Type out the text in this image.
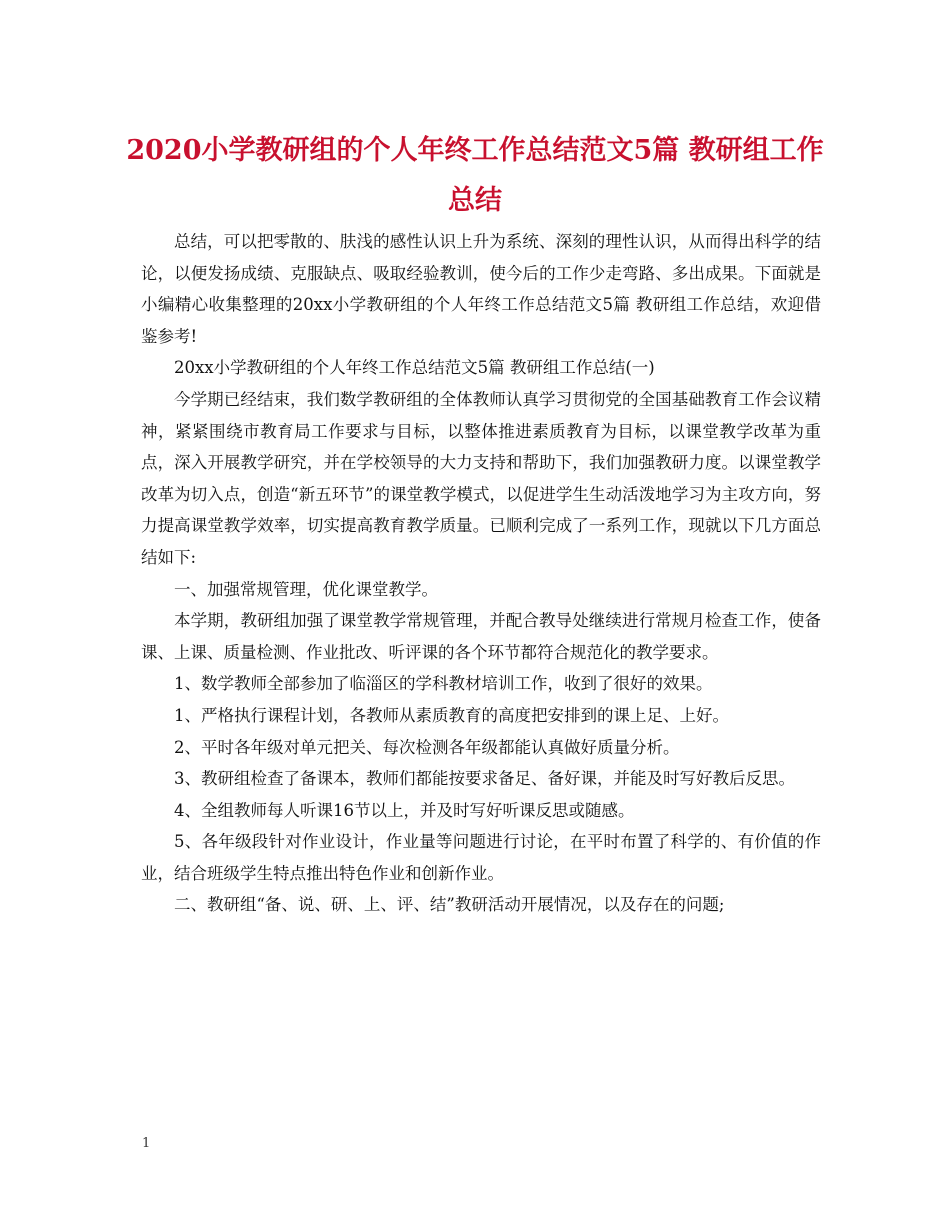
2020小学教研组的个人年终工作总结范文5篇 教研组工作总结

总结，可以把零散的、肤浅的感性认识上升为系统、深刻的理性认识，从而得出科学的结论，以便发扬成绩、克服缺点、吸取经验教训，使今后的工作少走弯路、多出成果。下面就是小编精心收集整理的20xx小学教研组的个人年终工作总结范文5篇 教研组工作总结，欢迎借鉴参考!

20xx小学教研组的个人年终工作总结范文5篇 教研组工作总结(一)

今学期已经结束，我们数学教研组的全体教师认真学习贯彻党的全国基础教育工作会议精神，紧紧围绕市教育局工作要求与目标，以整体推进素质教育为目标，以课堂教学改革为重点，深入开展教学研究，并在学校领导的大力支持和帮助下，我们加强教研力度。以课堂教学改革为切入点，创造“新五环节”的课堂教学模式，以促进学生生动活泼地学习为主攻方向，努力提高课堂教学效率，切实提高教育教学质量。已顺利完成了一系列工作，现就以下几方面总结如下:

一、加强常规管理，优化课堂教学。

本学期，教研组加强了课堂教学常规管理，并配合教导处继续进行常规月检查工作，使备课、上课、质量检测、作业批改、听评课的各个环节都符合规范化的教学要求。

1、数学教师全部参加了临淄区的学科教材培训工作，收到了很好的效果。

1、严格执行课程计划，各教师从素质教育的高度把安排到的课上足、上好。

2、平时各年级对单元把关、每次检测各年级都能认真做好质量分析。

3、教研组检查了备课本，教师们都能按要求备足、备好课，并能及时写好教后反思。

4、全组教师每人听课16节以上，并及时写好听课反思或随感。

5、各年级段针对作业设计，作业量等问题进行讨论，在平时布置了科学的、有价值的作业，结合班级学生特点推出特色作业和创新作业。

二、教研组“备、说、研、上、评、结”教研活动开展情况，以及存在的问题;

1
